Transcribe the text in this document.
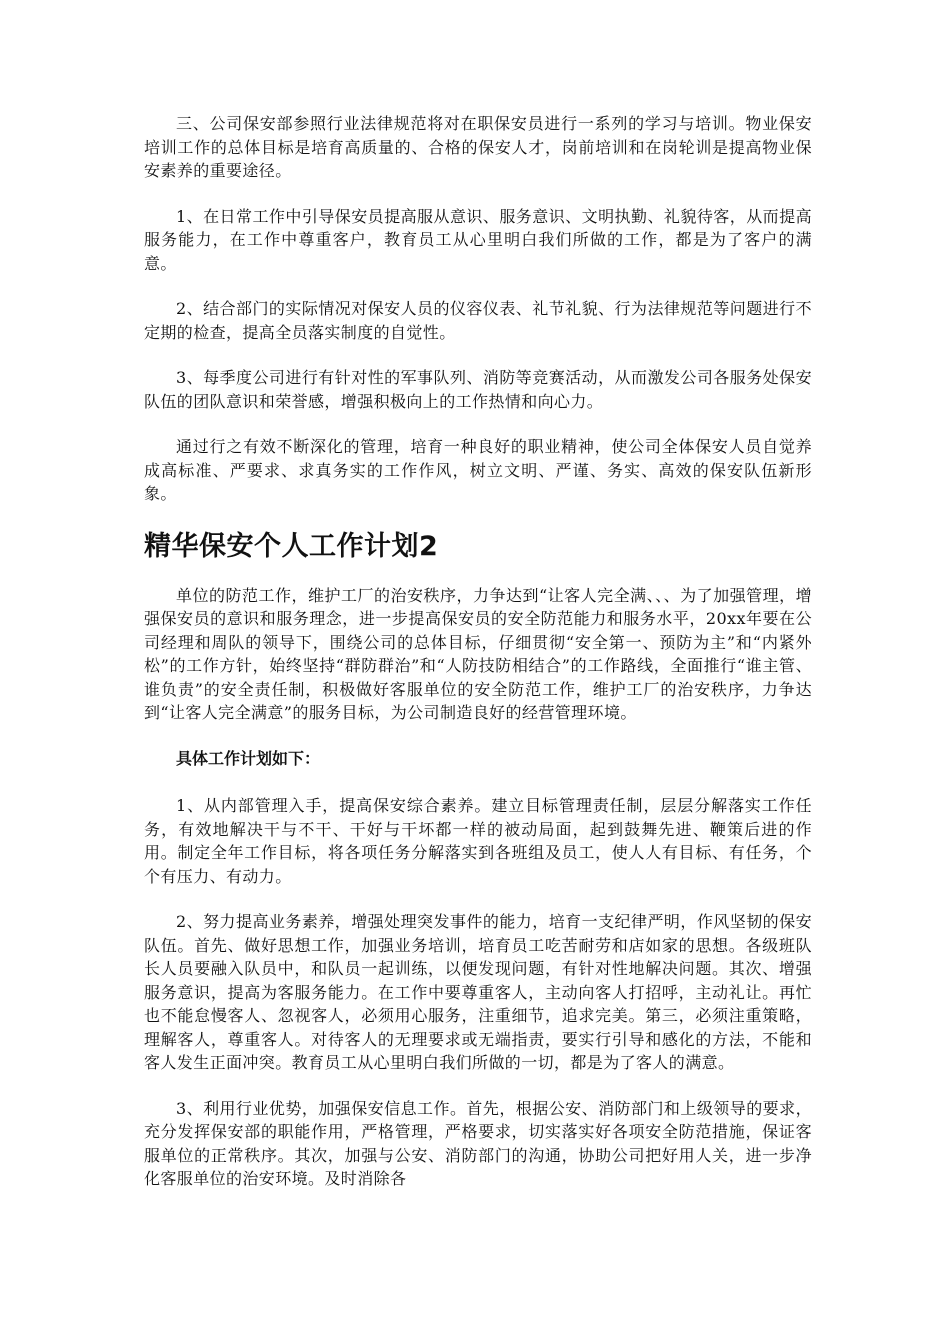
三、公司保安部参照行业法律规范将对在职保安员进行一系列的学习与培训。物业保安培训工作的总体目标是培育高质量的、合格的保安人才，岗前培训和在岗轮训是提高物业保安素养的重要途径。

1、在日常工作中引导保安员提高服从意识、服务意识、文明执勤、礼貌待客，从而提高服务能力，在工作中尊重客户，教育员工从心里明白我们所做的工作，都是为了客户的满意。

2、结合部门的实际情况对保安人员的仪容仪表、礼节礼貌、行为法律规范等问题进行不定期的检查，提高全员落实制度的自觉性。

3、每季度公司进行有针对性的军事队列、消防等竞赛活动，从而激发公司各服务处保安队伍的团队意识和荣誉感，增强积极向上的工作热情和向心力。

通过行之有效不断深化的管理，培育一种良好的职业精神，使公司全体保安人员自觉养成高标准、严要求、求真务实的工作作风，树立文明、严谨、务实、高效的保安队伍新形象。

精华保安个人工作计划2

单位的防范工作，维护工厂的治安秩序，力争达到“让客人完全满、、、为了加强管理，增强保安员的意识和服务理念，进一步提高保安员的安全防范能力和服务水平，20xx年要在公司经理和周队的领导下，围绕公司的总体目标，仔细贯彻“安全第一、预防为主”和“内紧外松”的工作方针，始终坚持“群防群治”和“人防技防相结合”的工作路线，全面推行“谁主管、谁负责”的安全责任制，积极做好客服单位的安全防范工作，维护工厂的治安秩序，力争达到“让客人完全满意”的服务目标，为公司制造良好的经营管理环境。

具体工作计划如下：

1、从内部管理入手，提高保安综合素养。建立目标管理责任制，层层分解落实工作任务，有效地解决干与不干、干好与干坏都一样的被动局面，起到鼓舞先进、鞭策后进的作用。制定全年工作目标，将各项任务分解落实到各班组及员工，使人人有目标、有任务，个个有压力、有动力。

2、努力提高业务素养，增强处理突发事件的能力，培育一支纪律严明，作风坚韧的保安队伍。首先、做好思想工作，加强业务培训，培育员工吃苦耐劳和店如家的思想。各级班队长人员要融入队员中，和队员一起训练，以便发现问题，有针对性地解决问题。其次、增强服务意识，提高为客服务能力。在工作中要尊重客人，主动向客人打招呼，主动礼让。再忙也不能怠慢客人、忽视客人，必须用心服务，注重细节，追求完美。第三，必须注重策略，理解客人，尊重客人。对待客人的无理要求或无端指责，要实行引导和感化的方法，不能和客人发生正面冲突。教育员工从心里明白我们所做的一切，都是为了客人的满意。

3、利用行业优势，加强保安信息工作。首先，根据公安、消防部门和上级领导的要求，充分发挥保安部的职能作用，严格管理，严格要求，切实落实好各项安全防范措施，保证客服单位的正常秩序。其次，加强与公安、消防部门的沟通，协助公司把好用人关，进一步净化客服单位的治安环境。及时消除各
